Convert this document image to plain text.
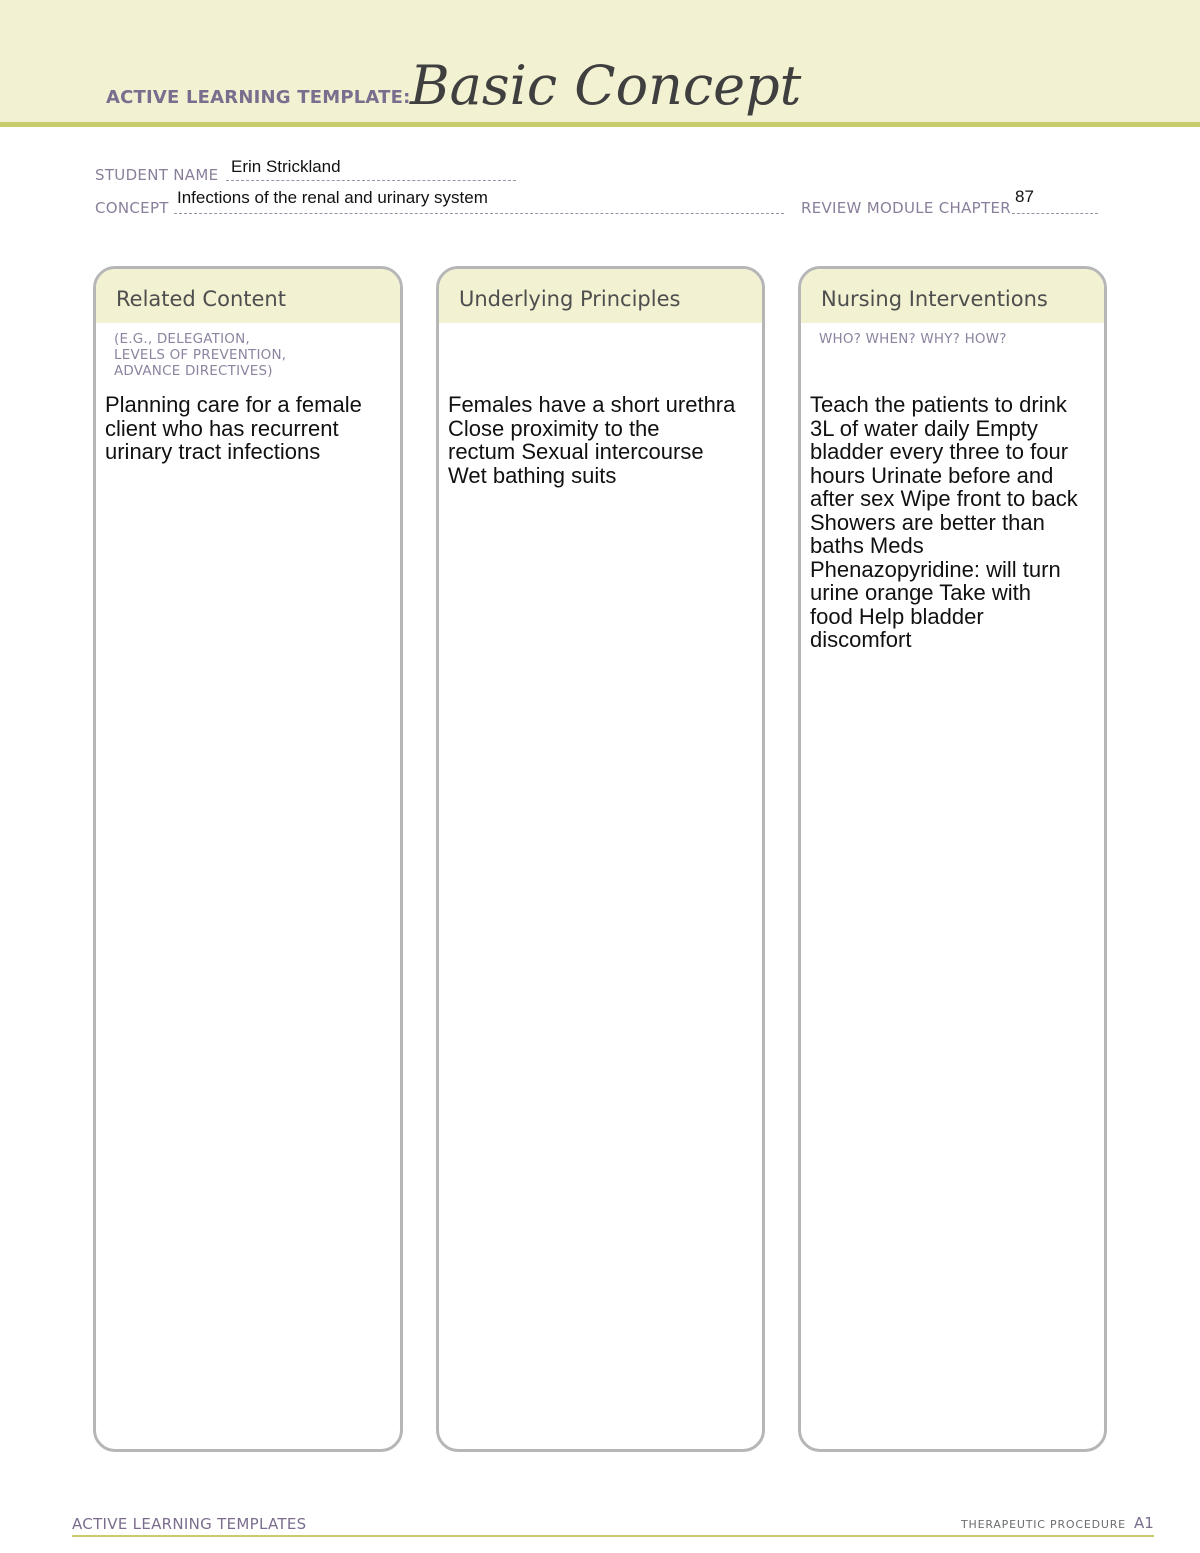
ACTIVE LEARNING TEMPLATE: Basic Concept
STUDENT NAME Erin Strickland
CONCEPT
Infections of the renal and urinary system
REVIEW MODULE CHAPTER
87
Related Content
(E.G., DELEGATION,
LEVELS OF PREVENTION,
ADVANCE DIRECTIVES)
Planning care for a female
client who has recurrent
urinary tract infections
Underlying Principles
Females have a short urethra
Close proximity to the
rectum Sexual intercourse
Wet bathing suits
Nursing Interventions
WHO? WHEN? WHY? HOW?
Teach the patients to drink
3L of water daily Empty
bladder every three to four
hours Urinate before and
after sex Wipe front to back
Showers are better than
baths Meds
Phenazopyridine: will turn
urine orange Take with
food Help bladder
discomfort
ACTIVE LEARNING TEMPLATES	THERAPEUTIC PROCEDURE A1
